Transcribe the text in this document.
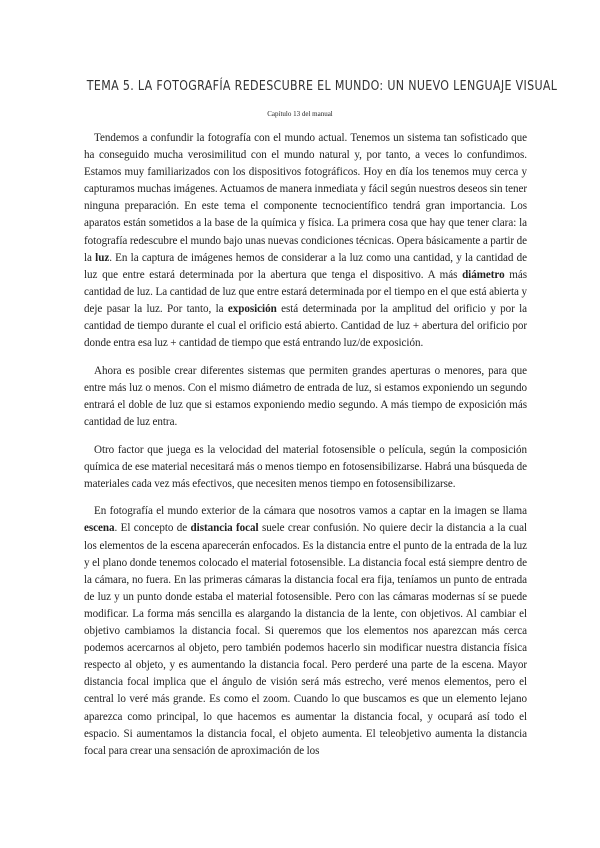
TEMA 5. LA FOTOGRAFÍA REDESCUBRE EL MUNDO: UN NUEVO LENGUAJE VISUAL
Capítulo 13 del manual

Tendemos a confundir la fotografía con el mundo actual. Tenemos un sistema tan sofisticado que ha conseguido mucha verosimilitud con el mundo natural y, por tanto, a veces lo confundimos. Estamos muy familiarizados con los dispositivos fotográficos. Hoy en día los tenemos muy cerca y capturamos muchas imágenes. Actuamos de manera inmediata y fácil según nuestros deseos sin tener ninguna preparación. En este tema el componente tecnocientífico tendrá gran importancia. Los aparatos están sometidos a la base de la química y física. La primera cosa que hay que tener clara: la fotografía redescubre el mundo bajo unas nuevas condiciones técnicas. Opera básicamente a partir de la luz. En la captura de imágenes hemos de considerar a la luz como una cantidad, y la cantidad de luz que entre estará determinada por la abertura que tenga el dispositivo. A más diámetro más cantidad de luz. La cantidad de luz que entre estará determinada por el tiempo en el que está abierta y deje pasar la luz. Por tanto, la exposición está determinada por la amplitud del orificio y por la cantidad de tiempo durante el cual el orificio está abierto. Cantidad de luz + abertura del orificio por donde entra esa luz + cantidad de tiempo que está entrando luz/de exposición.

Ahora es posible crear diferentes sistemas que permiten grandes aperturas o menores, para que entre más luz o menos. Con el mismo diámetro de entrada de luz, si estamos exponiendo un segundo entrará el doble de luz que si estamos exponiendo medio segundo. A más tiempo de exposición más cantidad de luz entra.

Otro factor que juega es la velocidad del material fotosensible o película, según la composición química de ese material necesitará más o menos tiempo en fotosensibilizarse. Habrá una búsqueda de materiales cada vez más efectivos, que necesiten menos tiempo en fotosensibilizarse.

En fotografía el mundo exterior de la cámara que nosotros vamos a captar en la imagen se llama escena. El concepto de distancia focal suele crear confusión. No quiere decir la distancia a la cual los elementos de la escena aparecerán enfocados. Es la distancia entre el punto de la entrada de la luz y el plano donde tenemos colocado el material fotosensible. La distancia focal está siempre dentro de la cámara, no fuera. En las primeras cámaras la distancia focal era fija, teníamos un punto de entrada de luz y un punto donde estaba el material fotosensible. Pero con las cámaras modernas sí se puede modificar. La forma más sencilla es alargando la distancia de la lente, con objetivos. Al cambiar el objetivo cambiamos la distancia focal. Si queremos que los elementos nos aparezcan más cerca podemos acercarnos al objeto, pero también podemos hacerlo sin modificar nuestra distancia física respecto al objeto, y es aumentando la distancia focal. Pero perderé una parte de la escena. Mayor distancia focal implica que el ángulo de visión será más estrecho, veré menos elementos, pero el central lo veré más grande. Es como el zoom. Cuando lo que buscamos es que un elemento lejano aparezca como principal, lo que hacemos es aumentar la distancia focal, y ocupará así todo el espacio. Si aumentamos la distancia focal, el objeto aumenta. El teleobjetivo aumenta la distancia focal para crear una sensación de aproximación de los
